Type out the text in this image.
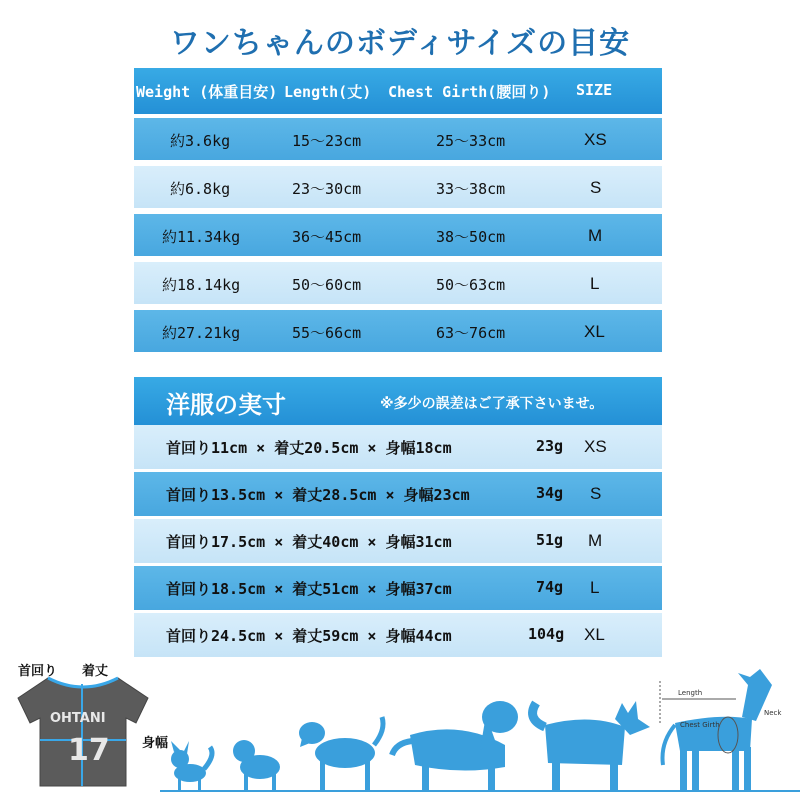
ワンちゃんのボディサイズの目安
Weight (体重目安) Length(丈) Chest Girth(腰回り) SIZE
約3.6kg	15〜23cm	25〜33cm	XS
約6.8kg	23〜30cm	33〜38cm	S
約11.34kg	36〜45cm	38〜50cm	M
約18.14kg	50〜60cm	50〜63cm	L
約27.21kg	55〜66cm	63〜76cm	XL
洋服の実寸	※多少の誤差はご了承下さいませ。
首回り11cm × 着丈20.5cm × 身幅18cm	23g XS
首回り13.5cm × 着丈28.5cm × 身幅23cm	34g S
首回り17.5cm × 着丈40cm × 身幅31cm	51g M
首回り18.5cm × 着丈51cm × 身幅37cm	74g L
首回り24.5cm × 着丈59cm × 身幅44cm	104g XL
首回り 着丈
身幅
OHTANI
17
Length
Chest Girth
Neck
